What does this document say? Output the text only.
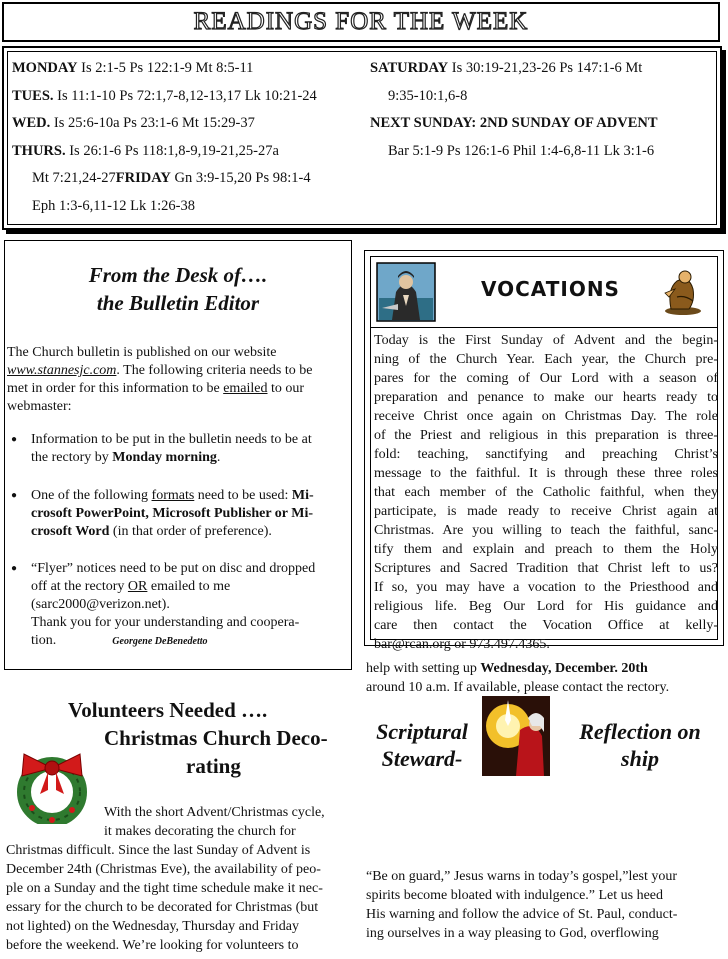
READINGS FOR THE WEEK
MONDAY Is 2:1-5 Ps 122:1-9 Mt 8:5-11
TUES. Is 11:1-10 Ps 72:1,7-8,12-13,17 Lk 10:21-24
WED. Is 25:6-10a Ps 23:1-6 Mt 15:29-37
THURS. Is 26:1-6 Ps 118:1,8-9,19-21,25-27a
Mt 7:21,24-27FRIDAY Gn 3:9-15,20 Ps 98:1-4
Eph 1:3-6,11-12 Lk 1:26-38
SATURDAY Is 30:19-21,23-26 Ps 147:1-6 Mt
9:35-10:1,6-8
NEXT SUNDAY: 2ND SUNDAY OF ADVENT
Bar 5:1-9 Ps 126:1-6 Phil 1:4-6,8-11 Lk 3:1-6
From the Desk of….
the Bulletin Editor
The Church bulletin is published on our website
www.stannesjc.com. The following criteria needs to be
met in order for this information to be emailed to our
webmaster:
● Information to be put in the bulletin needs to be at
the rectory by Monday morning.
● One of the following formats need to be used: Mi-
crosoft PowerPoint, Microsoft Publisher or Mi-
crosoft Word (in that order of preference).
● “Flyer” notices need to be put on disc and dropped
off at the rectory OR emailed to me
(sarc2000@verizon.net).
Thank you for your understanding and coopera-
tion.	Georgene DeBenedetto
VOCATIONS
Today is the First Sunday of Advent and the begin-
ning of the Church Year. Each year, the Church pre-
pares for the coming of Our Lord with a season of
preparation and penance to make our hearts ready to
receive Christ once again on Christmas Day. The role
of the Priest and religious in this preparation is three-
fold: teaching, sanctifying and preaching Christ’s
message to the faithful. It is through these three roles
that each member of the Catholic faithful, when they
participate, is made ready to receive Christ again at
Christmas. Are you willing to teach the faithful, sanc-
tify them and explain and preach to them the Holy
Scriptures and Sacred Tradition that Christ left to us?
If so, you may have a vocation to the Priesthood and
religious life. Beg Our Lord for His guidance and
care then contact the Vocation Office at kelly-
bar@rcan.org or 973.497.4365.
help with setting up Wednesday, December. 20th
around 10 a.m. If available, please contact the rectory.
Scriptural
Steward-
Reflection on
ship
“Be on guard,” Jesus warns in today’s gospel,”lest your
spirits become bloated with indulgence.” Let us heed
His warning and follow the advice of St. Paul, conduct-
ing ourselves in a way pleasing to God, overflowing
Volunteers Needed ….
Christmas Church Deco-
rating
With the short Advent/Christmas cycle,
it makes decorating the church for
Christmas difficult. Since the last Sunday of Advent is
December 24th (Christmas Eve), the availability of peo-
ple on a Sunday and the tight time schedule make it nec-
essary for the church to be decorated for Christmas (but
not lighted) on the Wednesday, Thursday and Friday
before the weekend. We’re looking for volunteers to
